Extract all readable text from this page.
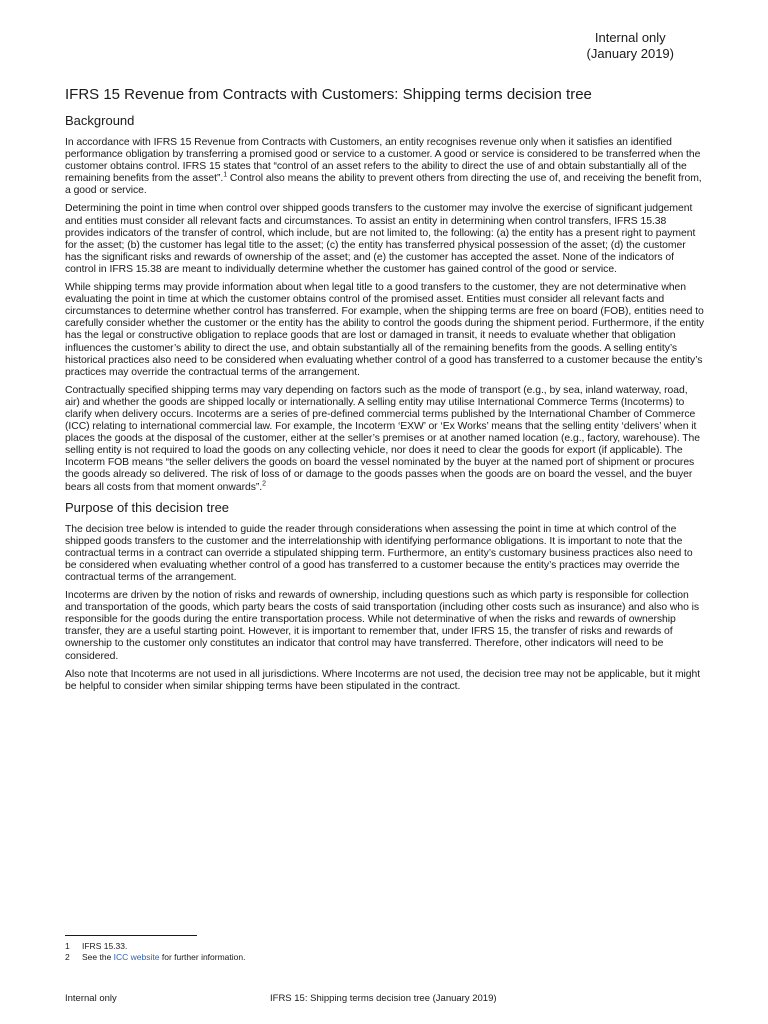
Internal only
(January 2019)
IFRS 15 Revenue from Contracts with Customers: Shipping terms decision tree
Background

In accordance with IFRS 15 Revenue from Contracts with Customers, an entity recognises revenue only when it satisfies an identified performance obligation by transferring a promised good or service to a customer. A good or service is considered to be transferred when the customer obtains control. IFRS 15 states that “control of an asset refers to the ability to direct the use of and obtain substantially all of the remaining benefits from the asset”.$^1$ Control also means the ability to prevent others from directing the use of, and receiving the benefit from, a good or service.

Determining the point in time when control over shipped goods transfers to the customer may involve the exercise of significant judgement and entities must consider all relevant facts and circumstances. To assist an entity in determining when control transfers, IFRS 15.38 provides indicators of the transfer of control, which include, but are not limited to, the following: (a) the entity has a present right to payment for the asset; (b) the customer has legal title to the asset; (c) the entity has transferred physical possession of the asset; (d) the customer has the significant risks and rewards of ownership of the asset; and (e) the customer has accepted the asset. None of the indicators of control in IFRS 15.38 are meant to individually determine whether the customer has gained control of the good or service.

While shipping terms may provide information about when legal title to a good transfers to the customer, they are not determinative when evaluating the point in time at which the customer obtains control of the promised asset. Entities must consider all relevant facts and circumstances to determine whether control has transferred. For example, when the shipping terms are free on board (FOB), entities need to carefully consider whether the customer or the entity has the ability to control the goods during the shipment period. Furthermore, if the entity has the legal or constructive obligation to replace goods that are lost or damaged in transit, it needs to evaluate whether that obligation influences the customer’s ability to direct the use, and obtain substantially all of the remaining benefits from the goods. A selling entity’s historical practices also need to be considered when evaluating whether control of a good has transferred to a customer because the entity’s practices may override the contractual terms of the arrangement.

Contractually specified shipping terms may vary depending on factors such as the mode of transport (e.g., by sea, inland waterway, road, air) and whether the goods are shipped locally or internationally. A selling entity may utilise International Commerce Terms (Incoterms) to clarify when delivery occurs. Incoterms are a series of pre-defined commercial terms published by the International Chamber of Commerce (ICC) relating to international commercial law. For example, the Incoterm ‘EXW’ or ‘Ex Works’ means that the selling entity ‘delivers’ when it places the goods at the disposal of the customer, either at the seller’s premises or at another named location (e.g., factory, warehouse). The selling entity is not required to load the goods on any collecting vehicle, nor does it need to clear the goods for export (if applicable). The Incoterm FOB means “the seller delivers the goods on board the vessel nominated by the buyer at the named port of shipment or procures the goods already so delivered. The risk of loss of or damage to the goods passes when the goods are on board the vessel, and the buyer bears all costs from that moment onwards”.$^2$

Purpose of this decision tree

The decision tree below is intended to guide the reader through considerations when assessing the point in time at which control of the shipped goods transfers to the customer and the interrelationship with identifying performance obligations. It is important to note that the contractual terms in a contract can override a stipulated shipping term. Furthermore, an entity’s customary business practices also need to be considered when evaluating whether control of a good has transferred to a customer because the entity’s practices may override the contractual terms of the arrangement.

Incoterms are driven by the notion of risks and rewards of ownership, including questions such as which party is responsible for collection and transportation of the goods, which party bears the costs of said transportation (including other costs such as insurance) and also who is responsible for the goods during the entire transportation process. While not determinative of when the risks and rewards of ownership transfer, they are a useful starting point. However, it is important to remember that, under IFRS 15, the transfer of risks and rewards of ownership to the customer only constitutes an indicator that control may have transferred. Therefore, other indicators will need to be considered.

Also note that Incoterms are not used in all jurisdictions. Where Incoterms are not used, the decision tree may not be applicable, but it might be helpful to consider when similar shipping terms have been stipulated in the contract.

1	IFRS 15.33.
2	See the ICC website for further information.
Internal only	IFRS 15: Shipping terms decision tree (January 2019)
